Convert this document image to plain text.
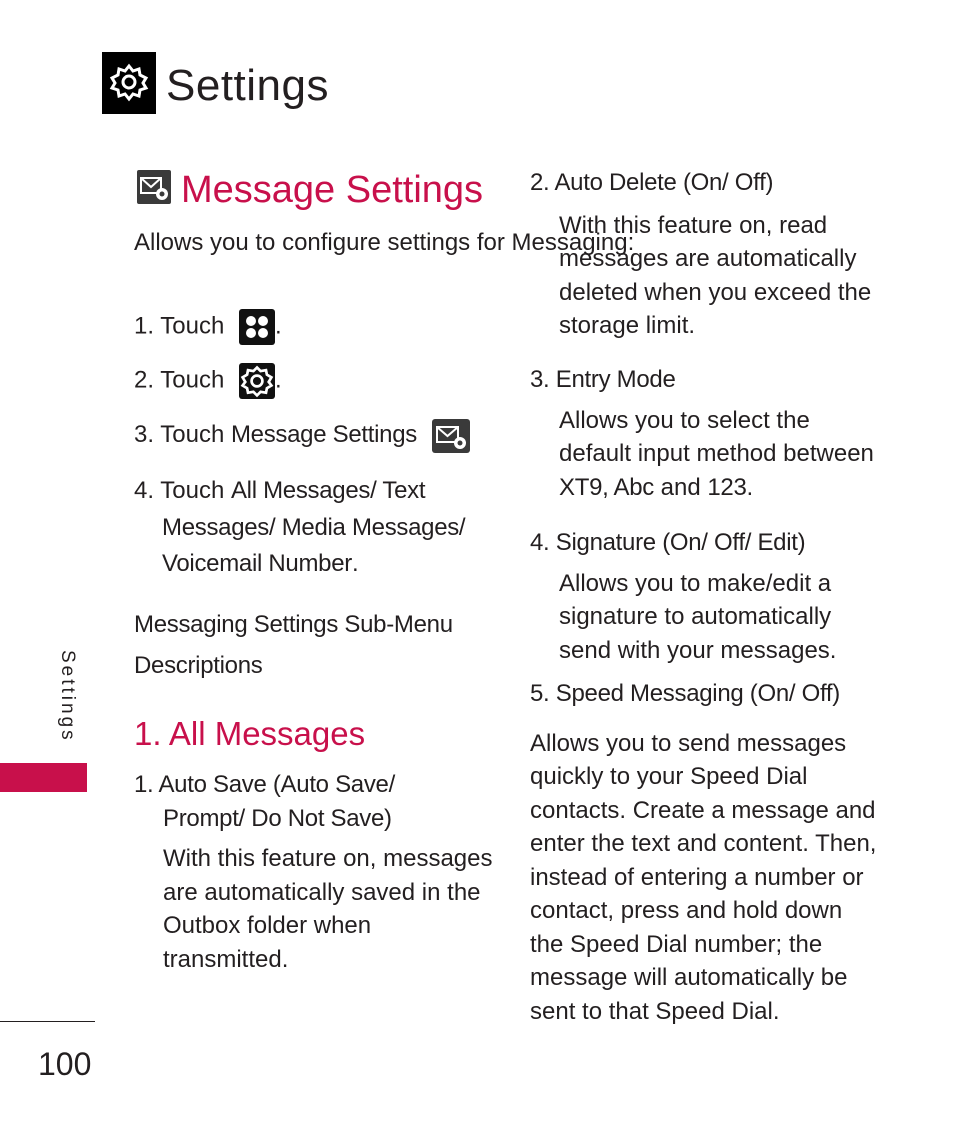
Settings
Message Settings
Allows you to configure settings for Messaging:
1. Touch .
2. Touch .
3. Touch Message Settings
4. Touch All Messages/ Text
Messages/ Media Messages/
Voicemail Number.
Messaging Settings Sub-Menu
Descriptions
1. All Messages
1. Auto Save (Auto Save/
Prompt/ Do Not Save)
With this feature on, messages
are automatically saved in the
Outbox folder when
transmitted.
2. Auto Delete (On/ Off)
With this feature on, read
messages are automatically
deleted when you exceed the
storage limit.
3. Entry Mode
Allows you to select the
default input method between
XT9, Abc and 123.
4. Signature (On/ Off/ Edit)
Allows you to make/edit a
signature to automatically
send with your messages.
5. Speed Messaging (On/ Off)
Allows you to send messages
quickly to your Speed Dial
contacts. Create a message and
enter the text and content. Then,
instead of entering a number or
contact, press and hold down
the Speed Dial number; the
message will automatically be
sent to that Speed Dial.
Settings
100
